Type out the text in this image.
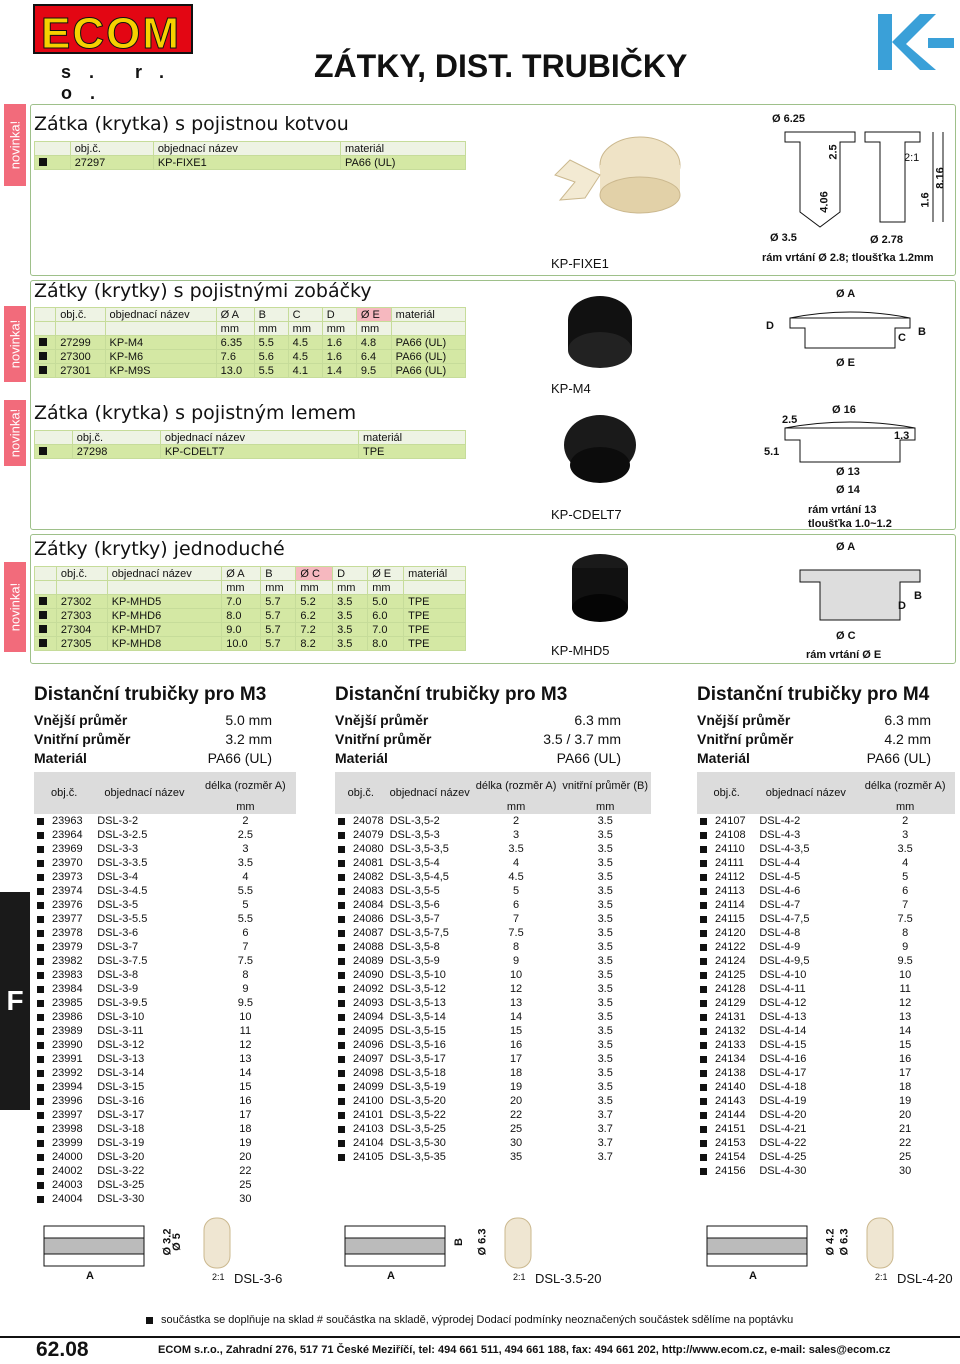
ECOM
s. r. o.
ZÁTKY, DIST. TRUBIČKY
novinka! Zátka (krytka) s pojistnou kotvou
	obj.č.	objednací název	materiál
	27297	KP-FIXE1	PA66 (UL)
KP-FIXE1
Ø 6.25
2.5	2:1
4.06	1.6
8.16
Ø 3.5	Ø 2.78
rám vrtání Ø 2.8; tloušťka 1.2mm
novinka!
novinka!
Zátky (krytky) s pojistnými zobáčky
	obj.č.	objednací název	Ø A	B	C	D	Ø E	materiál
			mm	mm	mm	mm	mm	
	27299	KP-M4	6.35	5.5	4.5	1.6	4.8	PA66 (UL)
	27300	KP-M6	7.6	5.6	4.5	1.6	6.4	PA66 (UL)
	27301	KP-M9S	13.0	5.5	4.1	1.4	9.5	PA66 (UL)
KP-M4
Ø A
D
C B
Ø E
Zátka (krytka) s pojistným lemem
	obj.č.	objednací název	materiál
	27298	KP-CDELT7	TPE
KP-CDELT7
Ø 16
2.5
5.1
1.3
Ø 13
Ø 14
rám vrtání 13
tloušťka 1.0~1.2
novinka!
Zátky (krytky) jednoduché
	obj.č.	objednací název	Ø A	B	Ø C	D	Ø E	materiál
			mm	mm	mm	mm	mm	
	27302	KP-MHD5	7.0	5.7	5.2	3.5	5.0	TPE
	27303	KP-MHD6	8.0	5.7	6.2	3.5	6.0	TPE
	27304	KP-MHD7	9.0	5.7	7.2	3.5	7.0	TPE
	27305	KP-MHD8	10.0	5.7	8.2	3.5	8.0	TPE	KP-MHD5
Ø A
D
B
Ø C
rám vrtání Ø E
Distanční trubičky pro M3
Vnější průměr	5.0 mm
Vnitřní průměr	3.2 mm
Materiál	PA66 (UL)
obj.č.	objednací název	délka (rozměr A)
		mm
23963	DSL-3-2	2
23964	DSL-3-2.5	2.5
23969	DSL-3-3	3
23970	DSL-3-3.5	3.5
23973	DSL-3-4	4
23974	DSL-3-4.5	5.5
23976	DSL-3-5	5
23977	DSL-3-5.5	5.5
23978	DSL-3-6	6
23979	DSL-3-7	7
23982	DSL-3-7.5	7.5
23983	DSL-3-8	8
23984	DSL-3-9	9
23985	DSL-3-9.5	9.5
23986	DSL-3-10	10
23989	DSL-3-11	11
23990	DSL-3-12	12
23991	DSL-3-13	13
23992	DSL-3-14	14
23994	DSL-3-15	15
23996	DSL-3-16	16
23997	DSL-3-17	17
23998	DSL-3-18	18
23999	DSL-3-19	19
24000	DSL-3-20	20
24002	DSL-3-22	22
24003	DSL-3-25	25
24004	DSL-3-30	30
Ø 3.2
Ø 5
A	2:1 DSL-3-6
Distanční trubičky pro M3
Vnější průměr	6.3 mm
Vnitřní průměr	3.5 / 3.7 mm
Materiál	PA66 (UL)
obj.č.	objednací název	délka (rozměr A)	vnitřní průměr (B)
		mm	mm
24078	DSL-3,5-2	2	3.5
24079	DSL-3,5-3	3	3.5
24080	DSL-3,5-3,5	3.5	3.5
24081	DSL-3,5-4	4	3.5
24082	DSL-3,5-4,5	4.5	3.5
24083	DSL-3,5-5	5	3.5
24084	DSL-3,5-6	6	3.5
24086	DSL-3,5-7	7	3.5
24087	DSL-3,5-7,5	7.5	3.5
24088	DSL-3,5-8	8	3.5
24089	DSL-3,5-9	9	3.5
24090	DSL-3,5-10	10	3.5
24092	DSL-3,5-12	12	3.5
24093	DSL-3,5-13	13	3.5
24094	DSL-3,5-14	14	3.5
24095	DSL-3,5-15	15	3.5
24096	DSL-3,5-16	16	3.5
24097	DSL-3,5-17	17	3.5
24098	DSL-3,5-18	18	3.5
24099	DSL-3,5-19	19	3.5
24100	DSL-3,5-20	20	3.5
24101	DSL-3,5-22	22	3.7
24103	DSL-3,5-25	25	3.7
24104	DSL-3,5-30	30	3.7
24105	DSL-3,5-35	35	3.7
B Ø 6.3
A	2:1 DSL-3.5-20
Distanční trubičky pro M4
Vnější průměr	6.3 mm
Vnitřní průměr	4.2 mm
Materiál	PA66 (UL)
obj.č.	objednací název	délka (rozměr A)
		mm
24107	DSL-4-2	2
24108	DSL-4-3	3
24110	DSL-4-3,5	3.5
24111	DSL-4-4	4
24112	DSL-4-5	5
24113	DSL-4-6	6
24114	DSL-4-7	7
24115	DSL-4-7,5	7.5
24120	DSL-4-8	8
24122	DSL-4-9	9
24124	DSL-4-9,5	9.5
24125	DSL-4-10	10
24128	DSL-4-11	11
24129	DSL-4-12	12
24131	DSL-4-13	13
24132	DSL-4-14	14
24133	DSL-4-15	15
24134	DSL-4-16	16
24138	DSL-4-17	17
24140	DSL-4-18	18
24143	DSL-4-19	19
24144	DSL-4-20	20
24151	DSL-4-21	21
24153	DSL-4-22	22
24154	DSL-4-25	25
24156	DSL-4-30	30
Ø 4.2 Ø 6.3
A	2:1 DSL-4-20
F
součástka se doplňuje na sklad # součástka na skladě, výprodej Dodací podmínky neoznačených součástek sdělíme na poptávku
62.08	ECOM s.r.o., Zahradní 276, 517 71 České Meziříčí, tel: 494 661 511, 494 661 188, fax: 494 661 202, http://www.ecom.cz, e-mail: sales@ecom.cz
